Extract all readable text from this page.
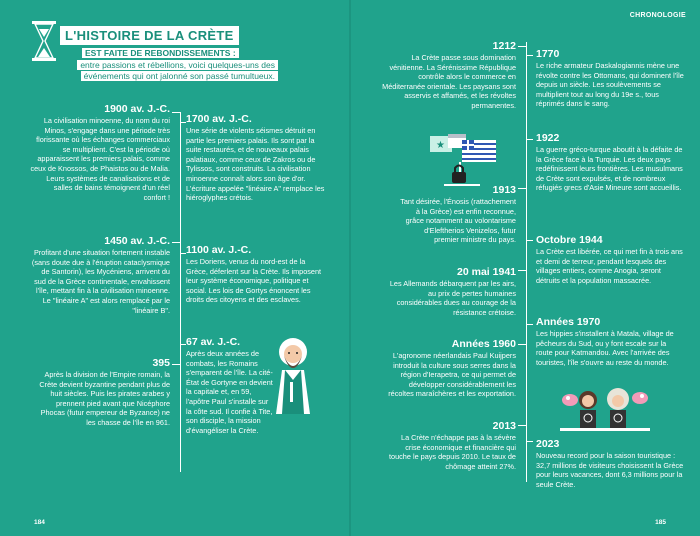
CHRONOLOGIE
L'HISTOIRE DE LA CRÈTE
EST FAITE DE REBONDISSEMENTS :
entre passions et rébellions, voici quelques-uns des événements qui ont jalonné son passé tumultueux.
1900 av. J.-C.
La civilisation minoenne, du nom du roi Minos, s'engage dans une période très florissante où les échanges commerciaux se multiplient. C'est la période où apparaissent les premiers palais, comme ceux de Knossos, de Phaistos ou de Malia. Leurs systèmes de canalisations et de salles de bains témoignent d'un réel confort !
1450 av. J.-C.
Profitant d'une situation fortement instable (sans doute due à l'éruption cataclysmique de Santorin), les Mycéniens, arrivent du sud de la Grèce continentale, envahissent l'île, mettant fin à la civilisation minoenne. Le "linéaire A" est alors remplacé par le "linéaire B".
395
Après la division de l'Empire romain, la Crète devient byzantine pendant plus de huit siècles. Puis les pirates arabes y prennent pied avant que Nicéphore Phocas (futur empereur de Byzance) ne les chasse de l'île en 961.
1700 av. J.-C.
Une série de violents séismes détruit en partie les premiers palais. Ils sont par la suite restaurés, et de nouveaux palais palatiaux, comme ceux de Zakros ou de Tylissos, sont construits. La civilisation minoenne connaît alors son âge d'or. L'écriture appelée "linéaire A" remplace les hiéroglyphes crétois.
1100 av. J.-C.
Les Doriens, venus du nord-est de la Grèce, déferlent sur la Crète. Ils imposent leur système économique, politique et social. Les lois de Gortys énoncent les droits des citoyens et des esclaves.
67 av. J.-C.
Après deux années de combats, les Romains s'emparent de l'île. La cité-État de Gortyne en devient la capitale et, en 59, l'apôtre Paul s'installe sur la côte sud. Il confie à Tite, son disciple, la mission d'évangéliser la Crète.
1212
La Crète passe sous domination vénitienne. La Sérénissime République contrôle alors le commerce en Méditerranée orientale. Les paysans sont asservis et affamés, et les révoltes permanentes.
★
1913
Tant désirée, l'Énosis (rattachement à la Grèce) est enfin reconnue, grâce notamment au volontarisme d'Eleftherios Venizelos, futur premier ministre du pays.
20 mai 1941
Les Allemands débarquent par les airs, au prix de pertes humaines considérables dues au courage de la résistance crétoise.
Années 1960
L'agronome néerlandais Paul Kuijpers introduit la culture sous serres dans la région d'Ierapetra, ce qui permet de développer considérablement les récoltes maraîchères et les exportation.
2013
La Crète n'échappe pas à la sévère crise économique et financière qui touche le pays depuis 2010. Le taux de chômage atteint 27%.
1770
Le riche armateur Daskalogiannis mène une révolte contre les Ottomans, qui dominent l'île depuis un siècle. Les soulèvements se multiplient tout au long du 19e s., tous réprimés dans le sang.
1922
La guerre gréco-turque aboutit à la défaite de la Grèce face à la Turquie. Les deux pays redéfinissent leurs frontières. Les musulmans de Crète sont expulsés, et de nombreux réfugiés grecs d'Asie Mineure sont accueillis.
Octobre 1944
La Crète est libérée, ce qui met fin à trois ans et demi de terreur, pendant lesquels des villages entiers, comme Anogia, seront détruits et la population massacrée.
Années 1970
Les hippies s'installent à Matala, village de pêcheurs du Sud, ou y font escale sur la route pour Katmandou. Avec l'arrivée des touristes, l'île s'ouvre au reste du monde.
2023
Nouveau record pour la saison touristique : 32,7 millions de visiteurs choisissent la Grèce pour leurs vacances, dont 6,3 millions pour la seule Crète.
184	185
